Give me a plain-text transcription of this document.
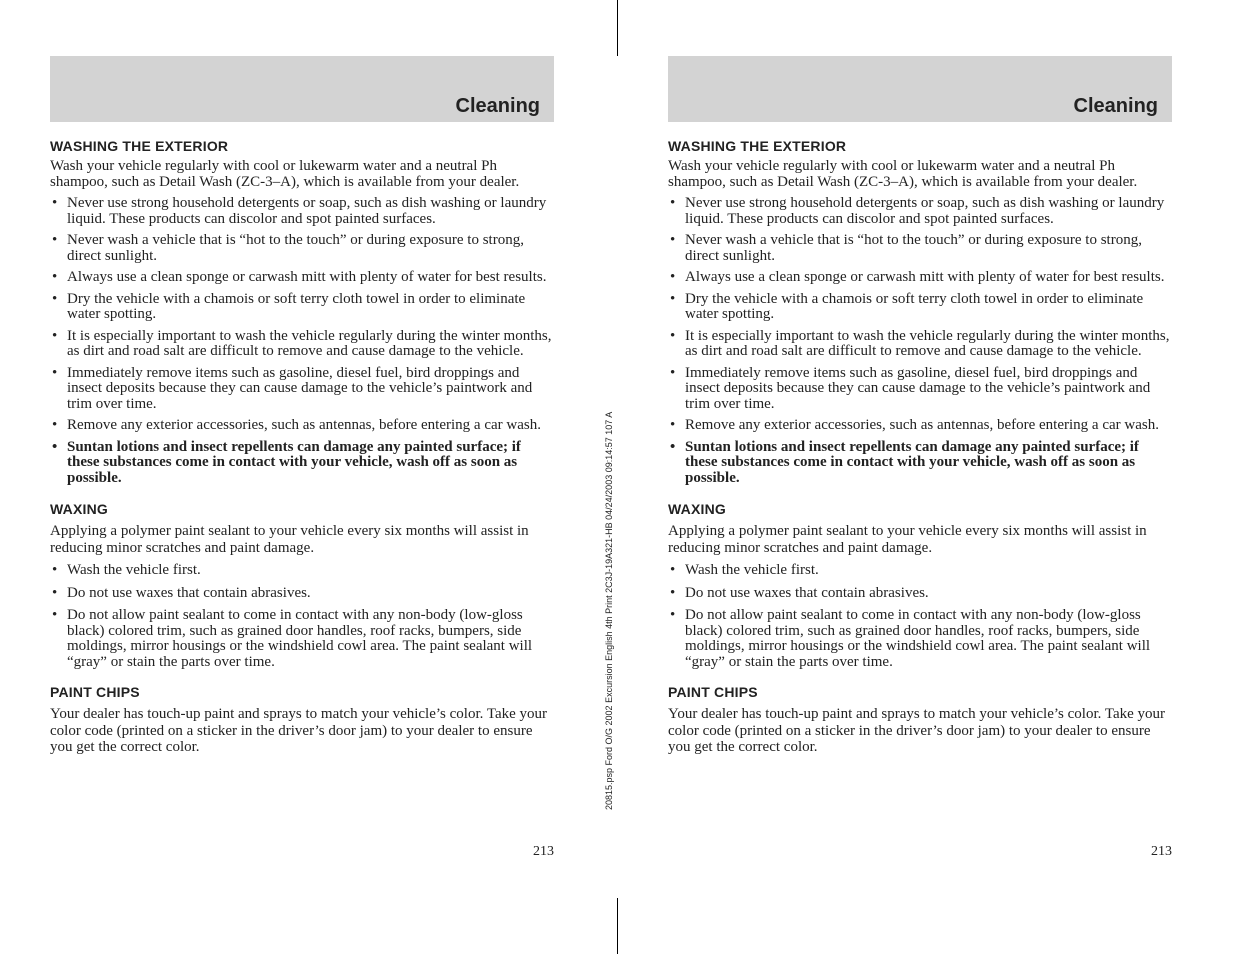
20815.psp Ford O/G 2002 Excursion English 4th Print 2C3J-19A321-HB 04/24/2003 09:14:57 107 A
Cleaning
WASHING THE EXTERIOR

Wash your vehicle regularly with cool or lukewarm water and a neutral Ph shampoo, such as Detail Wash (ZC-3–A), which is available from your dealer.

• Never use strong household detergents or soap, such as dish washing or laundry liquid. These products can discolor and spot painted surfaces.
• Never wash a vehicle that is “hot to the touch” or during exposure to strong, direct sunlight.
• Always use a clean sponge or carwash mitt with plenty of water for best results.
• Dry the vehicle with a chamois or soft terry cloth towel in order to eliminate water spotting.
• It is especially important to wash the vehicle regularly during the winter months, as dirt and road salt are difficult to remove and cause damage to the vehicle.
• Immediately remove items such as gasoline, diesel fuel, bird droppings and insect deposits because they can cause damage to the vehicle’s paintwork and trim over time.
• Remove any exterior accessories, such as antennas, before entering a car wash.
• Suntan lotions and insect repellents can damage any painted surface; if these substances come in contact with your vehicle, wash off as soon as possible.
WAXING

Applying a polymer paint sealant to your vehicle every six months will assist in reducing minor scratches and paint damage.

• Wash the vehicle first.
• Do not use waxes that contain abrasives.
• Do not allow paint sealant to come in contact with any non-body (low-gloss black) colored trim, such as grained door handles, roof racks, bumpers, side moldings, mirror housings or the windshield cowl area. The paint sealant will “gray” or stain the parts over time.
PAINT CHIPS

Your dealer has touch-up paint and sprays to match your vehicle’s color. Take your color code (printed on a sticker in the driver’s door jam) to your dealer to ensure you get the correct color.

213
Cleaning
WASHING THE EXTERIOR

Wash your vehicle regularly with cool or lukewarm water and a neutral Ph shampoo, such as Detail Wash (ZC-3–A), which is available from your dealer.

• Never use strong household detergents or soap, such as dish washing or laundry liquid. These products can discolor and spot painted surfaces.
• Never wash a vehicle that is “hot to the touch” or during exposure to strong, direct sunlight.
• Always use a clean sponge or carwash mitt with plenty of water for best results.
• Dry the vehicle with a chamois or soft terry cloth towel in order to eliminate water spotting.
• It is especially important to wash the vehicle regularly during the winter months, as dirt and road salt are difficult to remove and cause damage to the vehicle.
• Immediately remove items such as gasoline, diesel fuel, bird droppings and insect deposits because they can cause damage to the vehicle’s paintwork and trim over time.
• Remove any exterior accessories, such as antennas, before entering a car wash.
• Suntan lotions and insect repellents can damage any painted surface; if these substances come in contact with your vehicle, wash off as soon as possible.
WAXING

Applying a polymer paint sealant to your vehicle every six months will assist in reducing minor scratches and paint damage.

• Wash the vehicle first.
• Do not use waxes that contain abrasives.
• Do not allow paint sealant to come in contact with any non-body (low-gloss black) colored trim, such as grained door handles, roof racks, bumpers, side moldings, mirror housings or the windshield cowl area. The paint sealant will “gray” or stain the parts over time.
PAINT CHIPS

Your dealer has touch-up paint and sprays to match your vehicle’s color. Take your color code (printed on a sticker in the driver’s door jam) to your dealer to ensure you get the correct color.

213
